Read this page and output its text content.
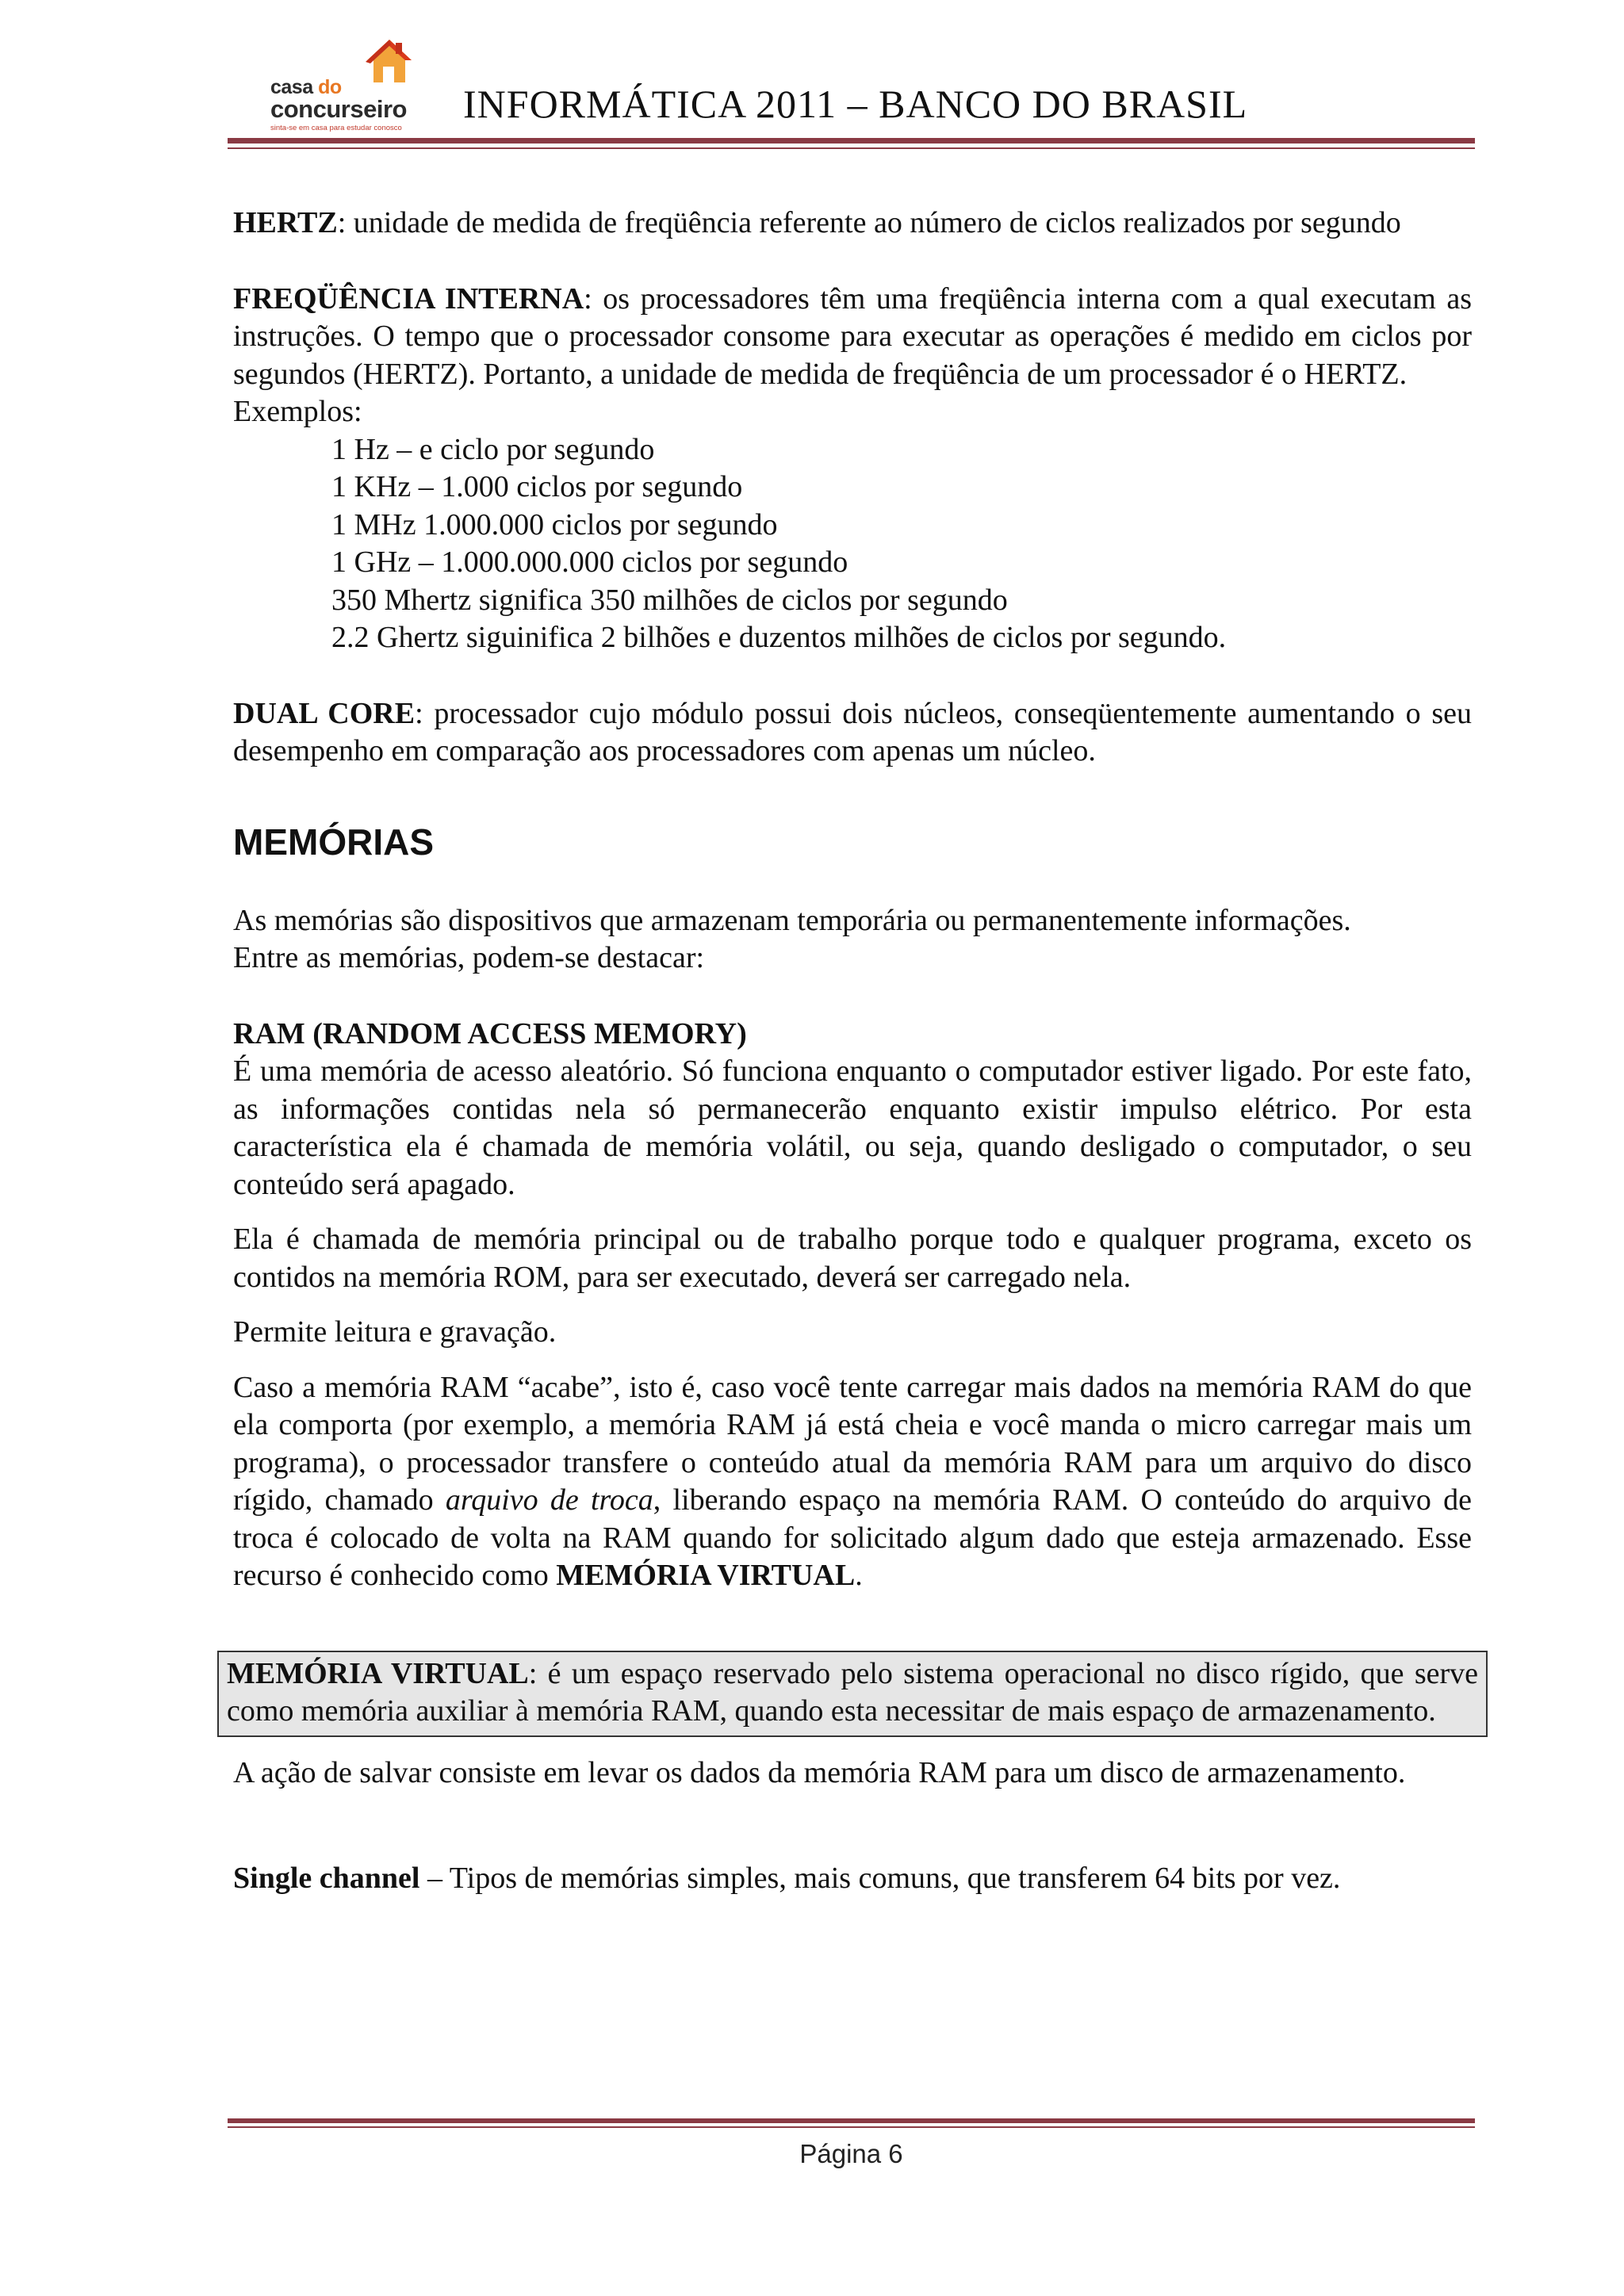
casa do
concurseiro
sinta-se em casa para estudar conosco
INFORMÁTICA 2011 – BANCO DO BRASIL

HERTZ: unidade de medida de freqüência referente ao número de ciclos realizados por segundo

FREQÜÊNCIA INTERNA: os processadores têm uma freqüência interna com a qual executam as instruções. O tempo que o processador consome para executar as operações é medido em ciclos por segundos (HERTZ). Portanto, a unidade de medida de freqüência de um processador é o HERTZ.

Exemplos:

1 Hz – e ciclo por segundo

1 KHz – 1.000 ciclos por segundo

1 MHz 1.000.000 ciclos por segundo

1 GHz – 1.000.000.000 ciclos por segundo

350 Mhertz significa 350 milhões de ciclos por segundo

2.2 Ghertz siguinifica 2 bilhões e duzentos milhões de ciclos por segundo.

DUAL CORE: processador cujo módulo possui dois núcleos, conseqüentemente aumentando o seu desempenho em comparação aos processadores com apenas um núcleo.

MEMÓRIAS

As memórias são dispositivos que armazenam temporária ou permanentemente informações.

Entre as memórias, podem-se destacar:

RAM (RANDOM ACCESS MEMORY)

É uma memória de acesso aleatório. Só funciona enquanto o computador estiver ligado. Por este fato, as informações contidas nela só permanecerão enquanto existir impulso elétrico. Por esta característica ela é chamada de memória volátil, ou seja, quando desligado o computador, o seu conteúdo será apagado.

Ela é chamada de memória principal ou de trabalho porque todo e qualquer programa, exceto os contidos na memória ROM, para ser executado, deverá ser carregado nela.

Permite leitura e gravação.

Caso a memória RAM “acabe”, isto é, caso você tente carregar mais dados na memória RAM do que ela comporta (por exemplo, a memória RAM já está cheia e você manda o micro carregar mais um programa), o processador transfere o conteúdo atual da memória RAM para um arquivo do disco rígido, chamado arquivo de troca, liberando espaço na memória RAM. O conteúdo do arquivo de troca é colocado de volta na RAM quando for solicitado algum dado que esteja armazenado. Esse recurso é conhecido como MEMÓRIA VIRTUAL.

MEMÓRIA VIRTUAL: é um espaço reservado pelo sistema operacional no disco rígido, que serve como memória auxiliar à memória RAM, quando esta necessitar de mais espaço de armazenamento.

A ação de salvar consiste em levar os dados da memória RAM para um disco de armazenamento.

Single channel – Tipos de memórias simples, mais comuns, que transferem 64 bits por vez.

Página 6
